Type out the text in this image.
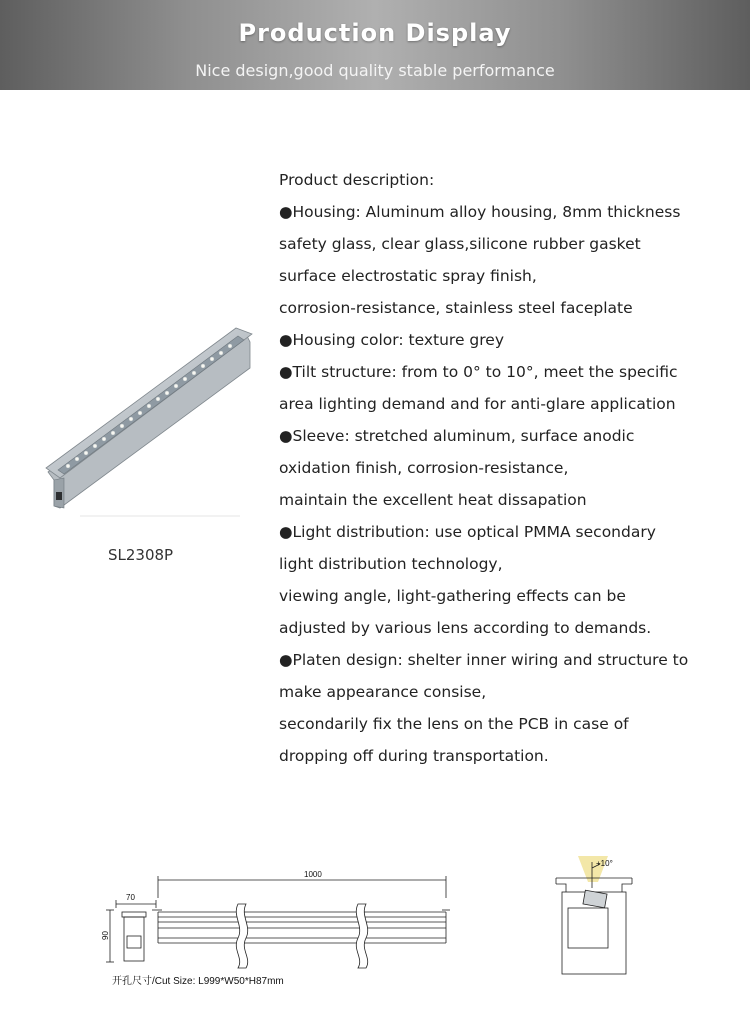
Production Display
Nice design,good quality stable performance
SL2308P
Product description:
●Housing: Aluminum alloy housing, 8mm thickness
safety glass, clear glass,silicone rubber gasket
surface electrostatic spray finish,
corrosion-resistance, stainless steel faceplate
●Housing color: texture grey
●Tilt structure: from to 0° to 10°, meet the specific
area lighting demand and for anti-glare application
●Sleeve: stretched aluminum, surface anodic
oxidation finish, corrosion-resistance,
maintain the excellent heat dissapation
●Light distribution: use optical PMMA secondary
light distribution technology,
viewing angle, light-gathering effects can be
adjusted by various lens according to demands.
●Platen design: shelter inner wiring and structure to
make appearance consise,
secondarily fix the lens on the PCB in case of
dropping off during transportation.
70
90
1000
开孔尺寸/Cut Size: L999*W50*H87mm
+10°
